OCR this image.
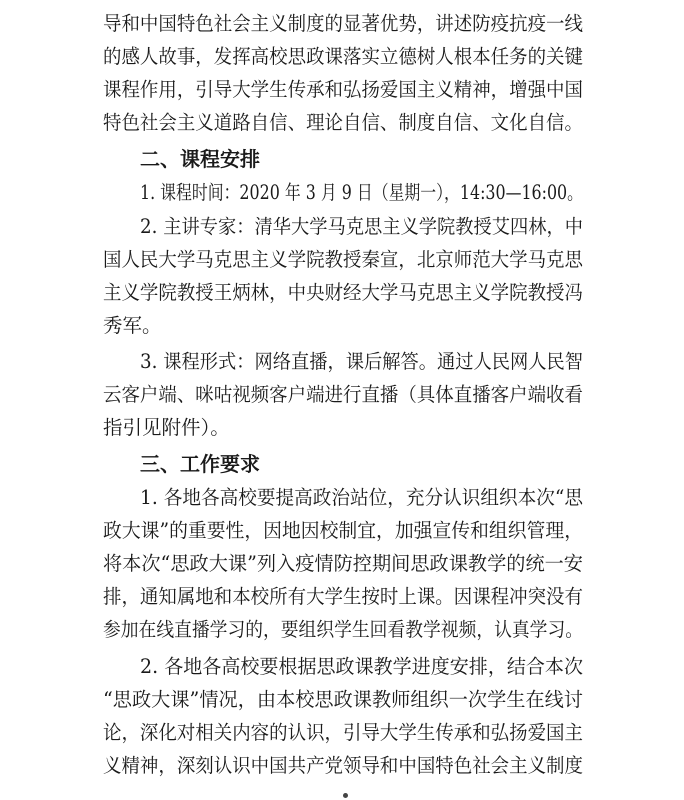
导和中国特色社会主义制度的显著优势，讲述防疫抗疫一线
的感人故事，发挥高校思政课落实立德树人根本任务的关键
课程作用，引导大学生传承和弘扬爱国主义精神，增强中国
特色社会主义道路自信、理论自信、制度自信、文化自信。
二、课程安排
1. 课程时间：2020 年 3 月 9 日（星期一），14:30—16:00。
2. 主讲专家：清华大学马克思主义学院教授艾四林，中
国人民大学马克思主义学院教授秦宣，北京师范大学马克思
主义学院教授王炳林，中央财经大学马克思主义学院教授冯
秀军。
3. 课程形式：网络直播，课后解答。通过人民网人民智
云客户端、咪咕视频客户端进行直播（具体直播客户端收看
指引见附件）。
三、工作要求
1. 各地各高校要提高政治站位，充分认识组织本次“思
政大课”的重要性，因地因校制宜，加强宣传和组织管理，
将本次“思政大课”列入疫情防控期间思政课教学的统一安
排，通知属地和本校所有大学生按时上课。因课程冲突没有
参加在线直播学习的，要组织学生回看教学视频，认真学习。
2. 各地各高校要根据思政课教学进度安排，结合本次
“思政大课”情况，由本校思政课教师组织一次学生在线讨
论，深化对相关内容的认识，引导大学生传承和弘扬爱国主
义精神，深刻认识中国共产党领导和中国特色社会主义制度
